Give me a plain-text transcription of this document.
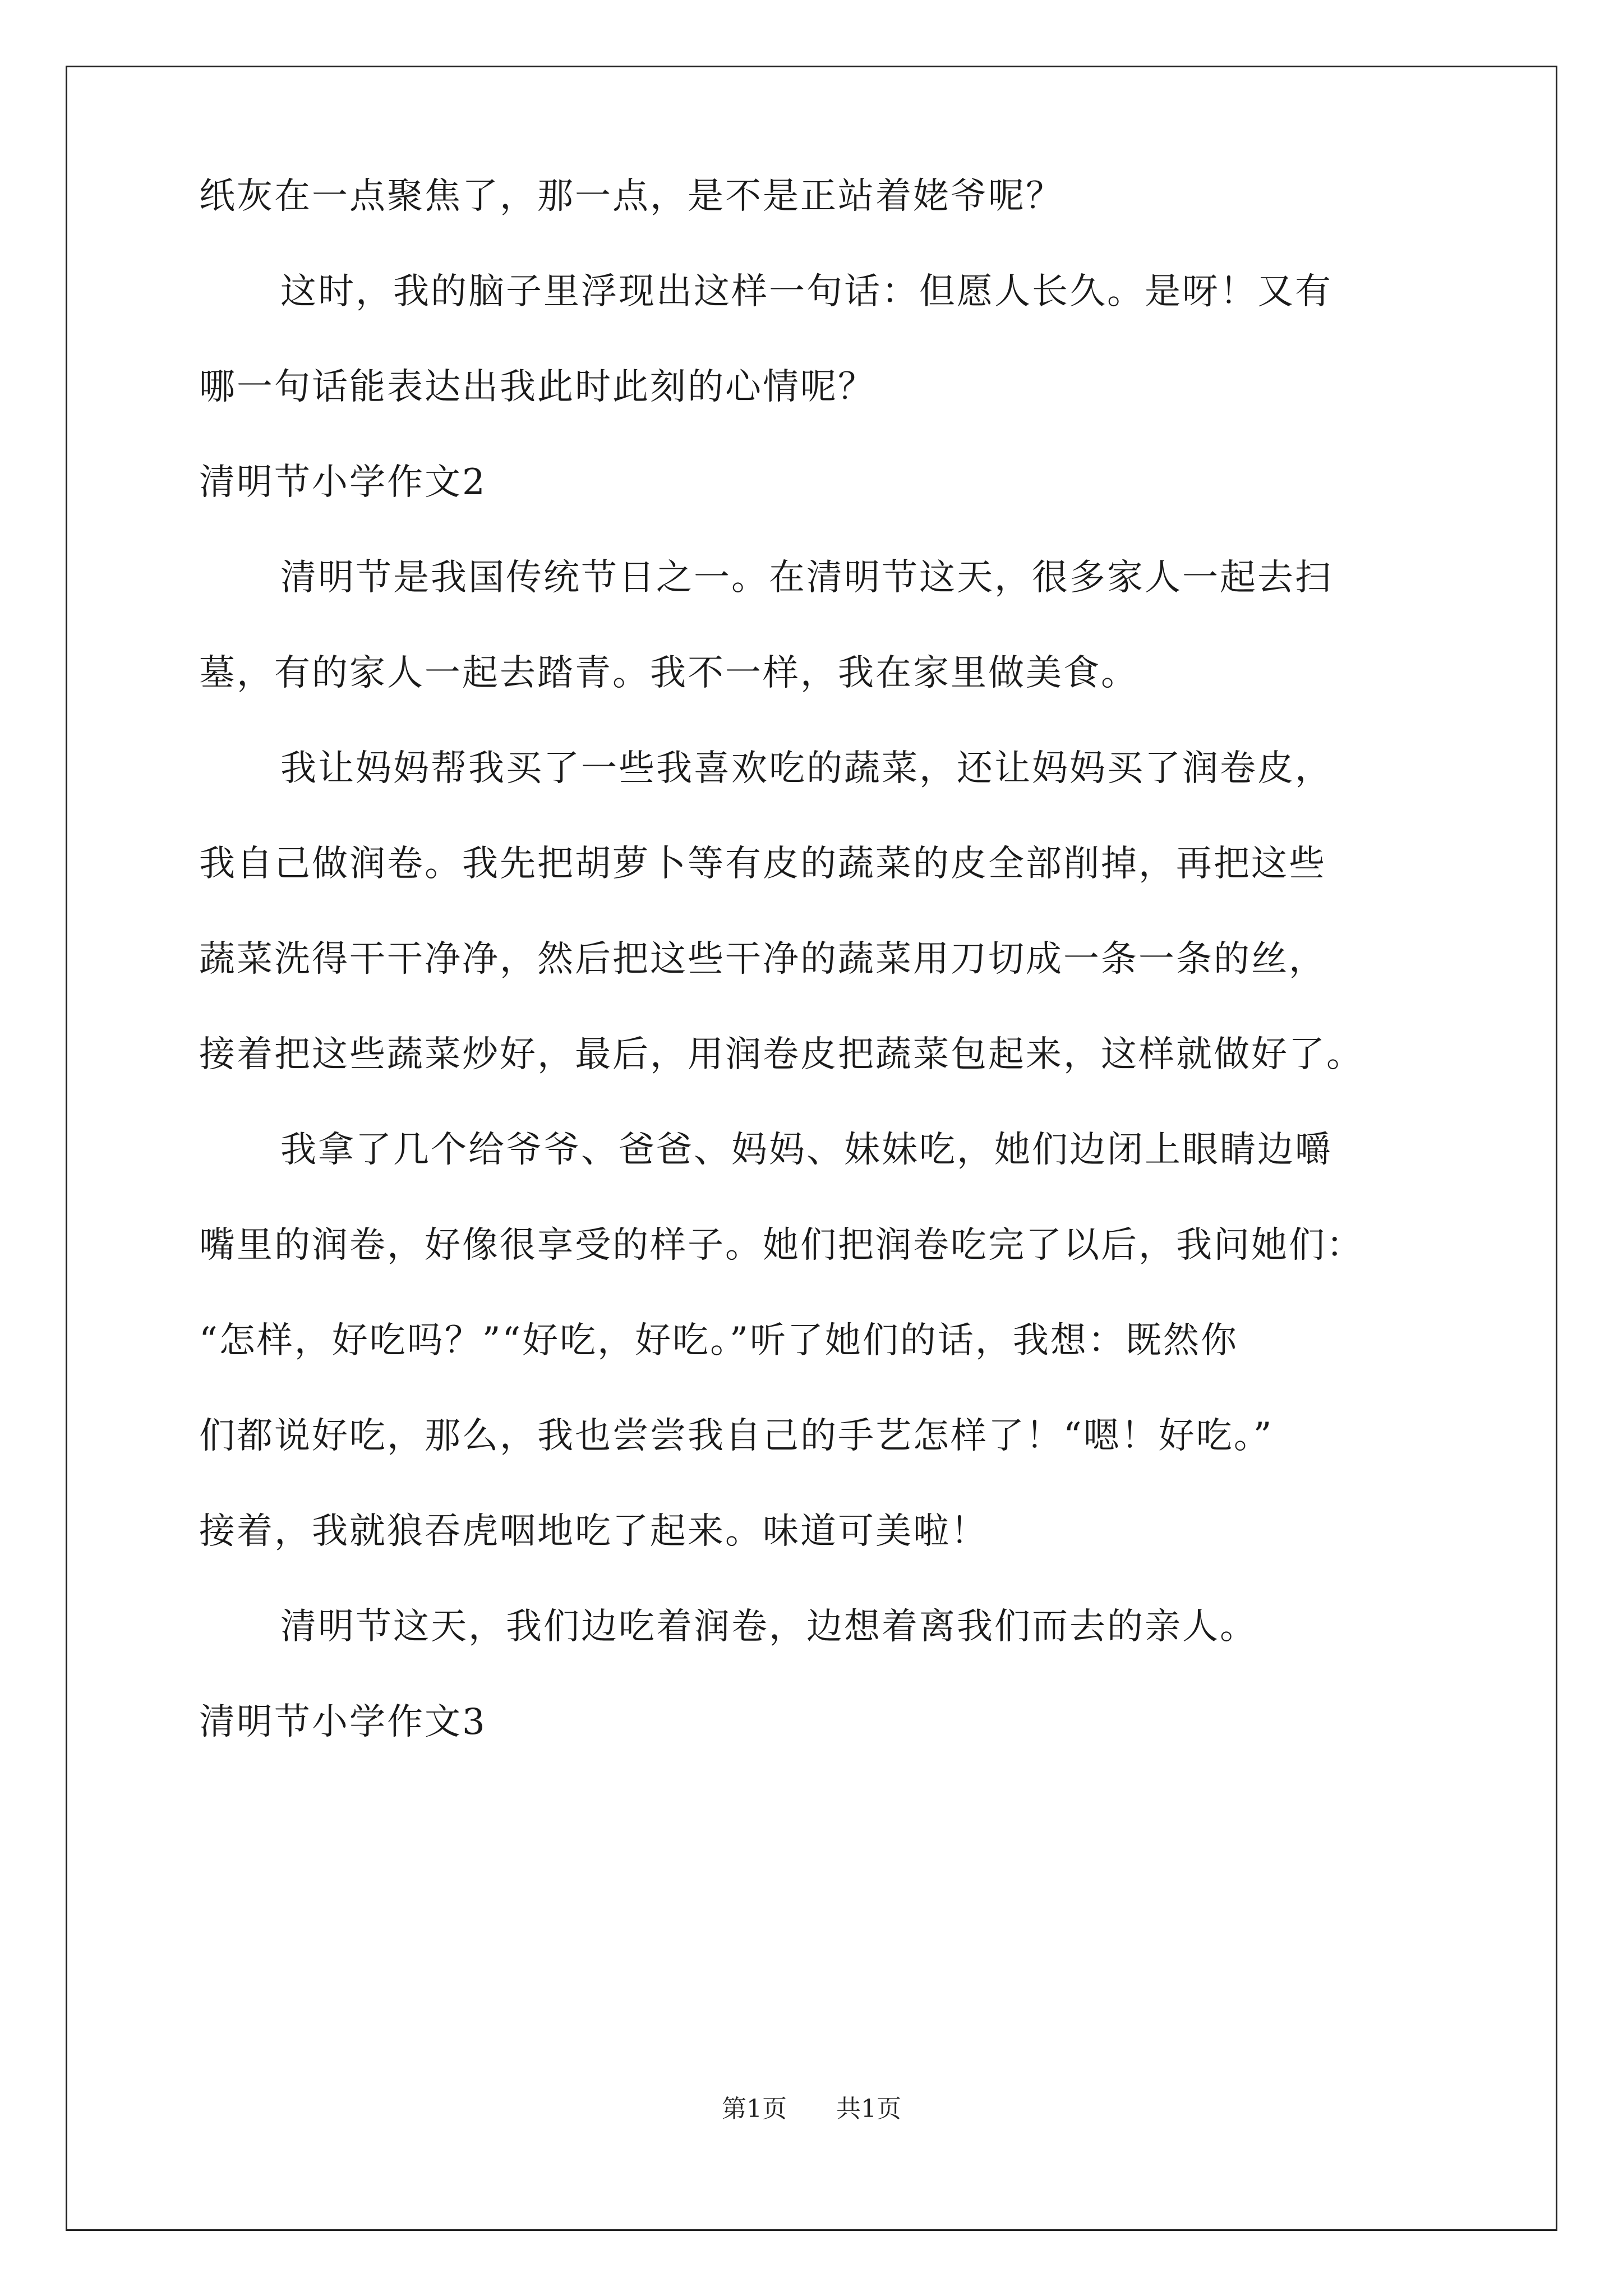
纸灰在一点聚焦了，那一点，是不是正站着姥爷呢？

这时，我的脑子里浮现出这样一句话：但愿人长久。是呀！又有

哪一句话能表达出我此时此刻的心情呢？

清明节小学作文2

清明节是我国传统节日之一。在清明节这天，很多家人一起去扫

墓，有的家人一起去踏青。我不一样，我在家里做美食。

我让妈妈帮我买了一些我喜欢吃的蔬菜，还让妈妈买了润卷皮，

我自己做润卷。我先把胡萝卜等有皮的蔬菜的皮全部削掉，再把这些

蔬菜洗得干干净净，然后把这些干净的蔬菜用刀切成一条一条的丝，

接着把这些蔬菜炒好，最后，用润卷皮把蔬菜包起来，这样就做好了。

我拿了几个给爷爷、爸爸、妈妈、妹妹吃，她们边闭上眼睛边嚼

嘴里的润卷，好像很享受的样子。她们把润卷吃完了以后，我问她们：

“怎样，好吃吗？”“好吃，好吃。”听了她们的话，我想：既然你

们都说好吃，那么，我也尝尝我自己的手艺怎样了！“嗯！好吃。”

接着，我就狼吞虎咽地吃了起来。味道可美啦！

清明节这天，我们边吃着润卷，边想着离我们而去的亲人。

清明节小学作文3

第1页 共1页
